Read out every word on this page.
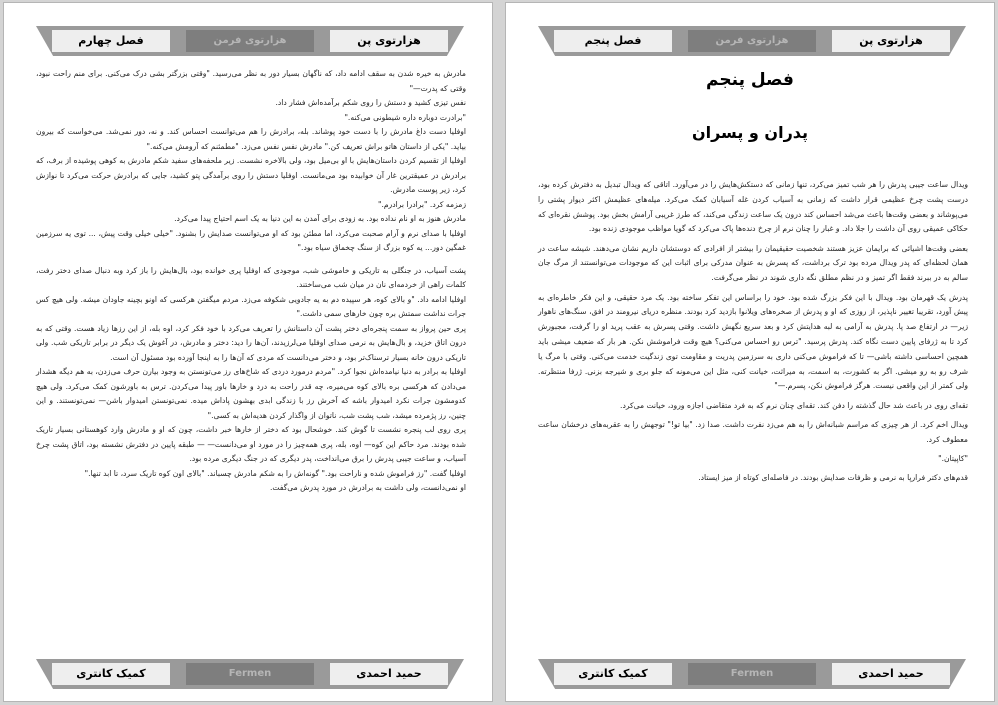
فصل چهارم	هزارتوی فرمن	هزارتوی پن

مادرش به خیره شدن به سقف ادامه داد، که ناگهان بسیار دور به نظر می‌رسید. "وقتی بزرگتر بشی درک می‌کنی. برای منم راحت نبود، وقتی که پدرت—"

نفس تیزی کشید و دستش را روی شکم برآمده‌اش فشار داد.

"برادرت دوباره داره شیطونی می‌کنه."

اوفلیا دست داغ مادرش را با دست خود پوشاند. بله، برادرش را هم می‌توانست احساس کند. و نه، دور نمی‌شد. می‌خواست که بیرون بیاید. "یکی از داستان هاتو براش تعریف کن." مادرش نفس نفس می‌زد. "مطمئنم که آرومش می‌کنه."

اوفلیا از تقسیم کردن داستان‌هایش با او بی‌میل بود، ولی بالاخره نشست. زیر ملحفه‌های سفید شکم مادرش به کوهی پوشیده از برف، که برادرش در عمیقترین غار آن خوابیده بود می‌مانست. اوفلیا دستش را روی برآمدگی پتو کشید، جایی که برادرش حرکت می‌کرد تا نوازش کرد، زیر پوست مادرش.

زمزمه کرد. "برادرا برادرم."

مادرش هنوز به او نام نداده بود. به زودی برای آمدن به این دنیا به یک اسم احتیاج پیدا می‌کرد.

اوفلیا با صدای نرم و آرام صحبت می‌کرد، اما مطئن بود که او می‌توانست صدایش را بشنود. "خیلی خیلی وقت پیش، ... توی یه سرزمین غمگین دور... یه کوه بزرگ از سنگ چخماق سیاه بود."

پشت آسیاب، در جنگلی به تاریکی و خاموشی شب، موجودی که اوفلیا پری خوانده بود، بال‌هایش را باز کرد وبه دنبال صدای دختر رفت، کلمات راهی از خردمه‌ای نان در میان شب می‌ساختند.

اوفلیا ادامه داد. "و بالای کوه، هر سپیده دم به یه جادویی شکوفه می‌زد. مردم میگفتن هرکسی که اونو بچینه جاودان میشه. ولی هیچ کس جرات نداشت سمتش بره چون خارهای سمی داشت."

پری حین پرواز به سمت پنجره‌ای دختر پشت آن داستانش را تعریف می‌کرد با خود فکر کرد، اوه بله، از این رزها زیاد هست. وقتی که به درون اتاق خزید، و بال‌هایش به نرمی صدای اوفلیا می‌لرزیدند، آن‌ها را دید: دختر و مادرش، در آغوش یک دیگر در برابر تاریکی شب. ولی تاریکی درون خانه بسیار ترسناک‌تر بود، و دختر می‌دانست که مردی که آن‌ها را به اینجا آورده بود مسئول آن است.

اوفلیا به برادر به دنیا نیامده‌اش نجوا کرد. "مردم درمورد دردی که شاخ‌های رز می‌تونستن به وجود بیارن حرف می‌زدن، به هم دیگه هشدار می‌دادن که هرکسی بره بالای کوه می‌میره، چه قدر راحت به درد و خارها باور پیدا می‌کردن. ترس به باورشون کمک می‌کرد. ولی هیچ کدومشون جرات نکرد امیدوار باشه که آخرش رز با زندگی ابدی بهشون پاداش میده. نمی‌تونستن امیدوار باشن— نمی‌تونستند. و این چنین، رز پژمرده میشد، شب پشت شب، ناتوان از واگذار کردن هدیه‌اش به کسی."

پری روی لب پنجره نشست تا گوش کند. خوشحال بود که دختر از خارها خبر داشت، چون که او و مادرش وارد کوهستانی بسیار تاریک شده بودند. مرد حاکم این کوه— اوه، بله، پری همه‌چیز را در مورد او می‌دانست— — طبقه پایین در دفترش نشسته بود، اتاق پشت چرخ آسیاب، و ساعت جیبی پدرش را برق می‌انداخت، پدر دیگری که در جنگ دیگری مرده بود.

اوفلیا گفت. "رز فراموش شده و ناراحت بود." گونه‌اش را به شکم مادرش چسباند. "بالای اون کوه تاریک سرد، تا ابد تنها."

او نمی‌دانست، ولی داشت به برادرش در مورد پدرش می‌گفت.

کمیک کانتری	Fermen	حمید احمدی
فصل پنجم	هزارتوی فرمن	هزارتوی پن
فصل پنجم
پدران و پسران

ویدال ساعت جیبی پدرش را هر شب تمیز می‌کرد، تنها زمانی که دستکش‌هایش را در می‌آورد. اتاقی که ویدال تبدیل به دفترش کرده بود، درست پشت چرخ عظیمی قرار داشت که زمانی به آسیاب کردن غله آسیابان کمک می‌کرد. میله‌های عظیمش اکثر دیوار پشتی را می‌پوشاند و بعضی وقت‌ها باعث می‌شد احساس کند درون یک ساعت زندگی می‌کند، که طرز غریبی آرامش بخش بود. پوشش نقره‌ای که حکاکی عمیقی روی آن داشت را جلا داد. و غبار را چنان نرم از چرخ دنده‌ها پاک می‌کرد که گویا مواظب موجودی زنده بود.

بعضی وقت‌ها اشیائی که برایمان عزیز هستند شخصیت حقیقیمان را بیشتر از افرادی که دوستشان داریم نشان می‌دهند. شیشه ساعت در همان لحظه‌ای که پدر ویدال مرده بود ترک برداشت، که پسرش به عنوان مدرکی برای اثبات این که موجودات می‌توانستند از مرگ جان سالم به در ببرند فقط اگر تمیز و در نظم مطلق نگه داری شوند در نظر می‌گرفت.

پدرش یک قهرمان بود. ویدال با این فکر بزرگ شده بود. خود را براساس این تفکر ساخته بود. یک مرد حقیقی، و این فکر خاطره‌ای به پیش آورد، تقریبا تغییر ناپذیر، از روزی که او و پدرش از صخره‌های ویلانوا بازدید کرد بودند. منظره دریای نیرومند در افق، سنگ‌های ناهوار زیر— در ارتفاع صد پا. پدرش به آرامی به لبه هدایتش کرد و بعد سریع نگهش داشت. وقتی پسرش به عقب پرید او را گرفت، مجبورش کرد تا به ژرفای پایین دست نگاه کند. پدرش پرسید. "ترس رو احساس می‌کنی؟ هیچ وقت فراموشش نکن. هر بار که ضعیف میشی باید همچین احساسی داشته باشی— تا که فراموش می‌کنی داری به سرزمین پدریت و مقاومت توی زندگیت خدمت می‌کنی. وقتی با مرگ یا شرف رو به رو میشی. اگر به کشورت، به اسمت، به میراثت، خیانت کنی، مثل این می‌مونه که جلو بری و شیرجه بزنی. ژرفا منتظرته. ولی کمتر از این واقعی نیست. هرگز فراموش نکن، پسرم.—"

تقه‌ای روی در باعث شد حال گذشته را دفن کند. تقه‌ای چنان نرم که به فرد متقاضی اجازه ورود، خیانت می‌کرد.

ویدال اخم کرد. از هر چیزی که مراسم شبانه‌اش را به هم می‌زد نفرت داشت. صدا زد. "بیا تو!" توجهش را به عقربه‌های درخشان ساعت معطوف کرد.

"کاپیتان."

قدم‌های دکتر فرارپا به نرمی و ظرفات صدایش بودند. در فاصله‌ای کوتاه از میز ایستاد.

کمیک کانتری	Fermen	حمید احمدی
